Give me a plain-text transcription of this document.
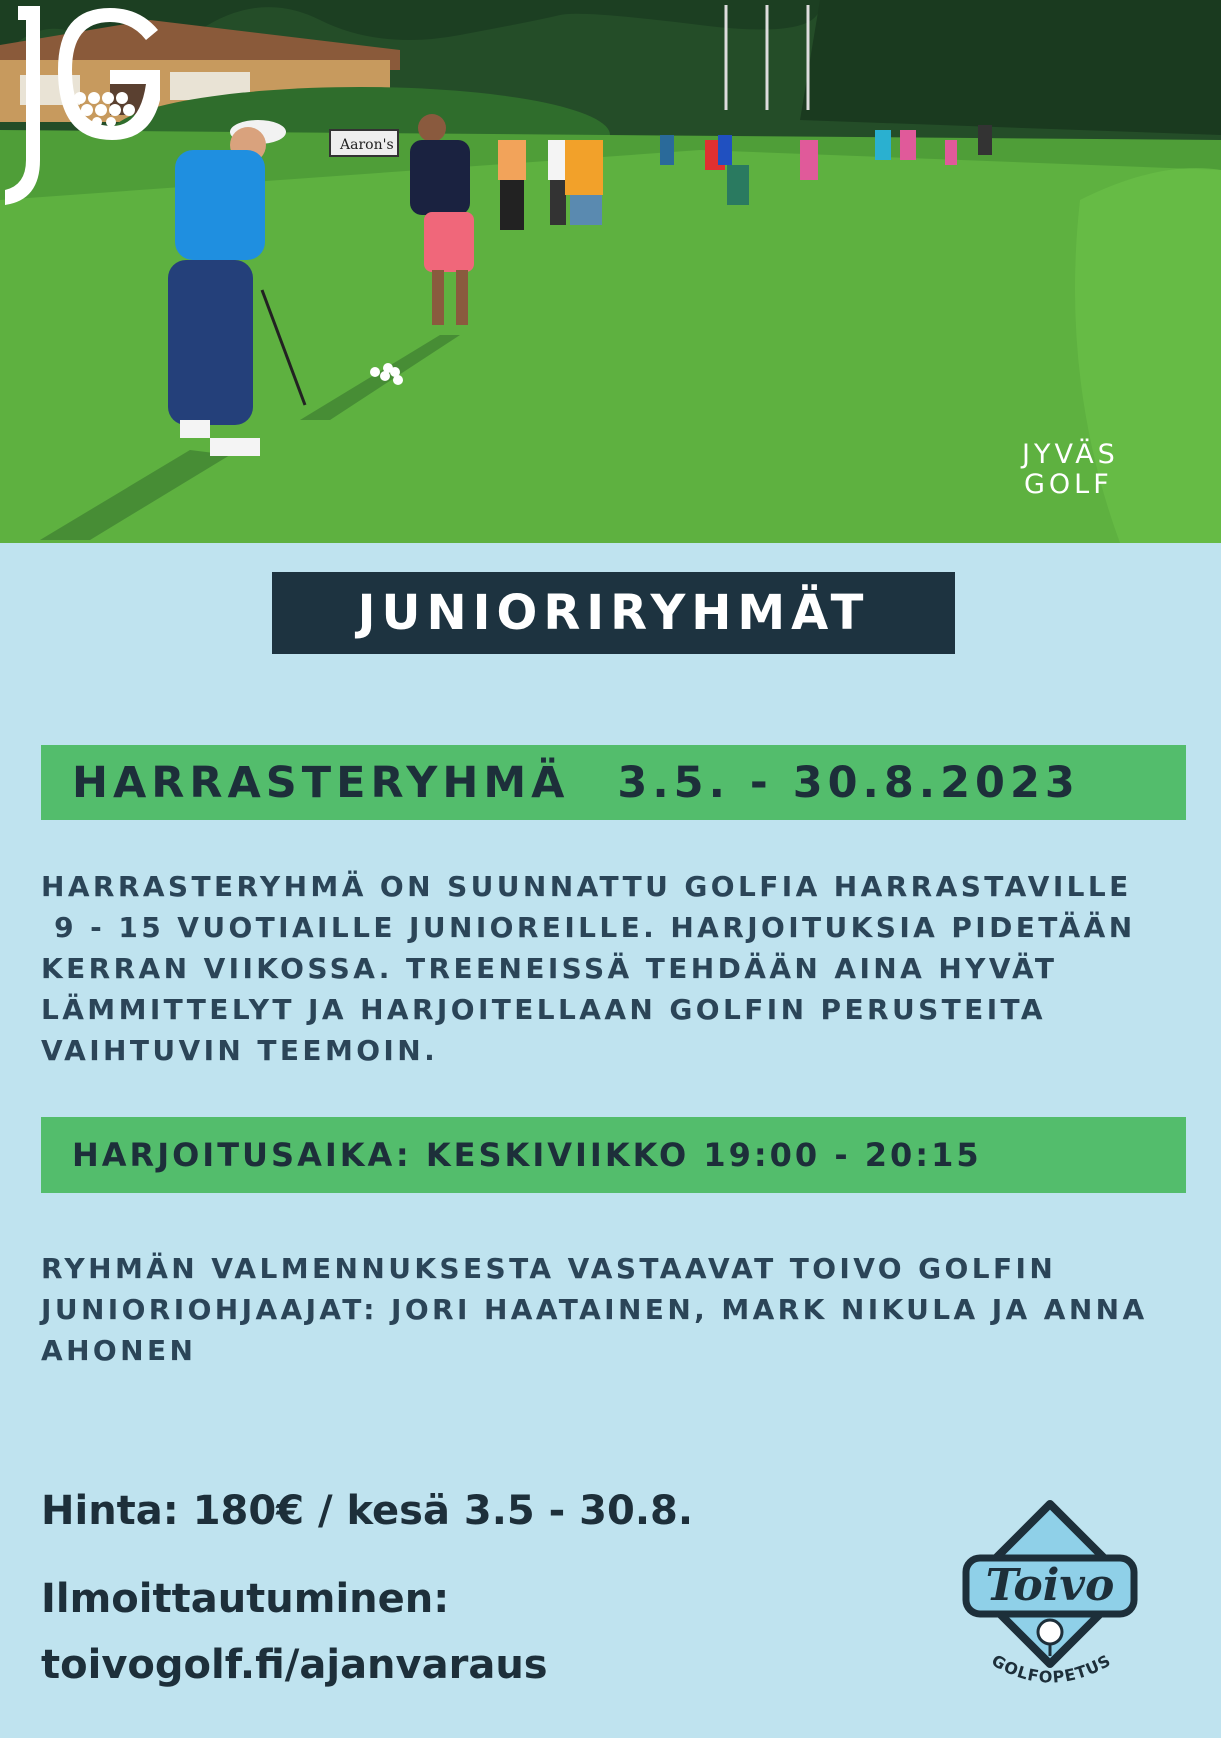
Aaron's
JYVÄS
GOLF
JUNIORIRYHMÄT
HARRASTERYHMÄ 3.5. - 30.8.2023
HARRASTERYHMÄ ON SUUNNATTU GOLFIA HARRASTAVILLE
9 - 15 VUOTIAILLE JUNIOREILLE. HARJOITUKSIA PIDETÄÄN
KERRAN VIIKOSSA. TREENEISSÄ TEHDÄÄN AINA HYVÄT
LÄMMITTELYT JA HARJOITELLAAN GOLFIN PERUSTEITA
VAIHTUVIN TEEMOIN.
HARJOITUSAIKA: KESKIVIIKKO 19:00 - 20:15
RYHMÄN VALMENNUKSESTA VASTAAVAT TOIVO GOLFIN
JUNIORIOHJAAJAT: JORI HAATAINEN, MARK NIKULA JA ANNA
AHONEN
Hinta: 180€ / kesä 3.5 - 30.8.
Ilmoittautuminen:
toivogolf.fi/ajanvaraus
Toivo
GOLFOPETUS
